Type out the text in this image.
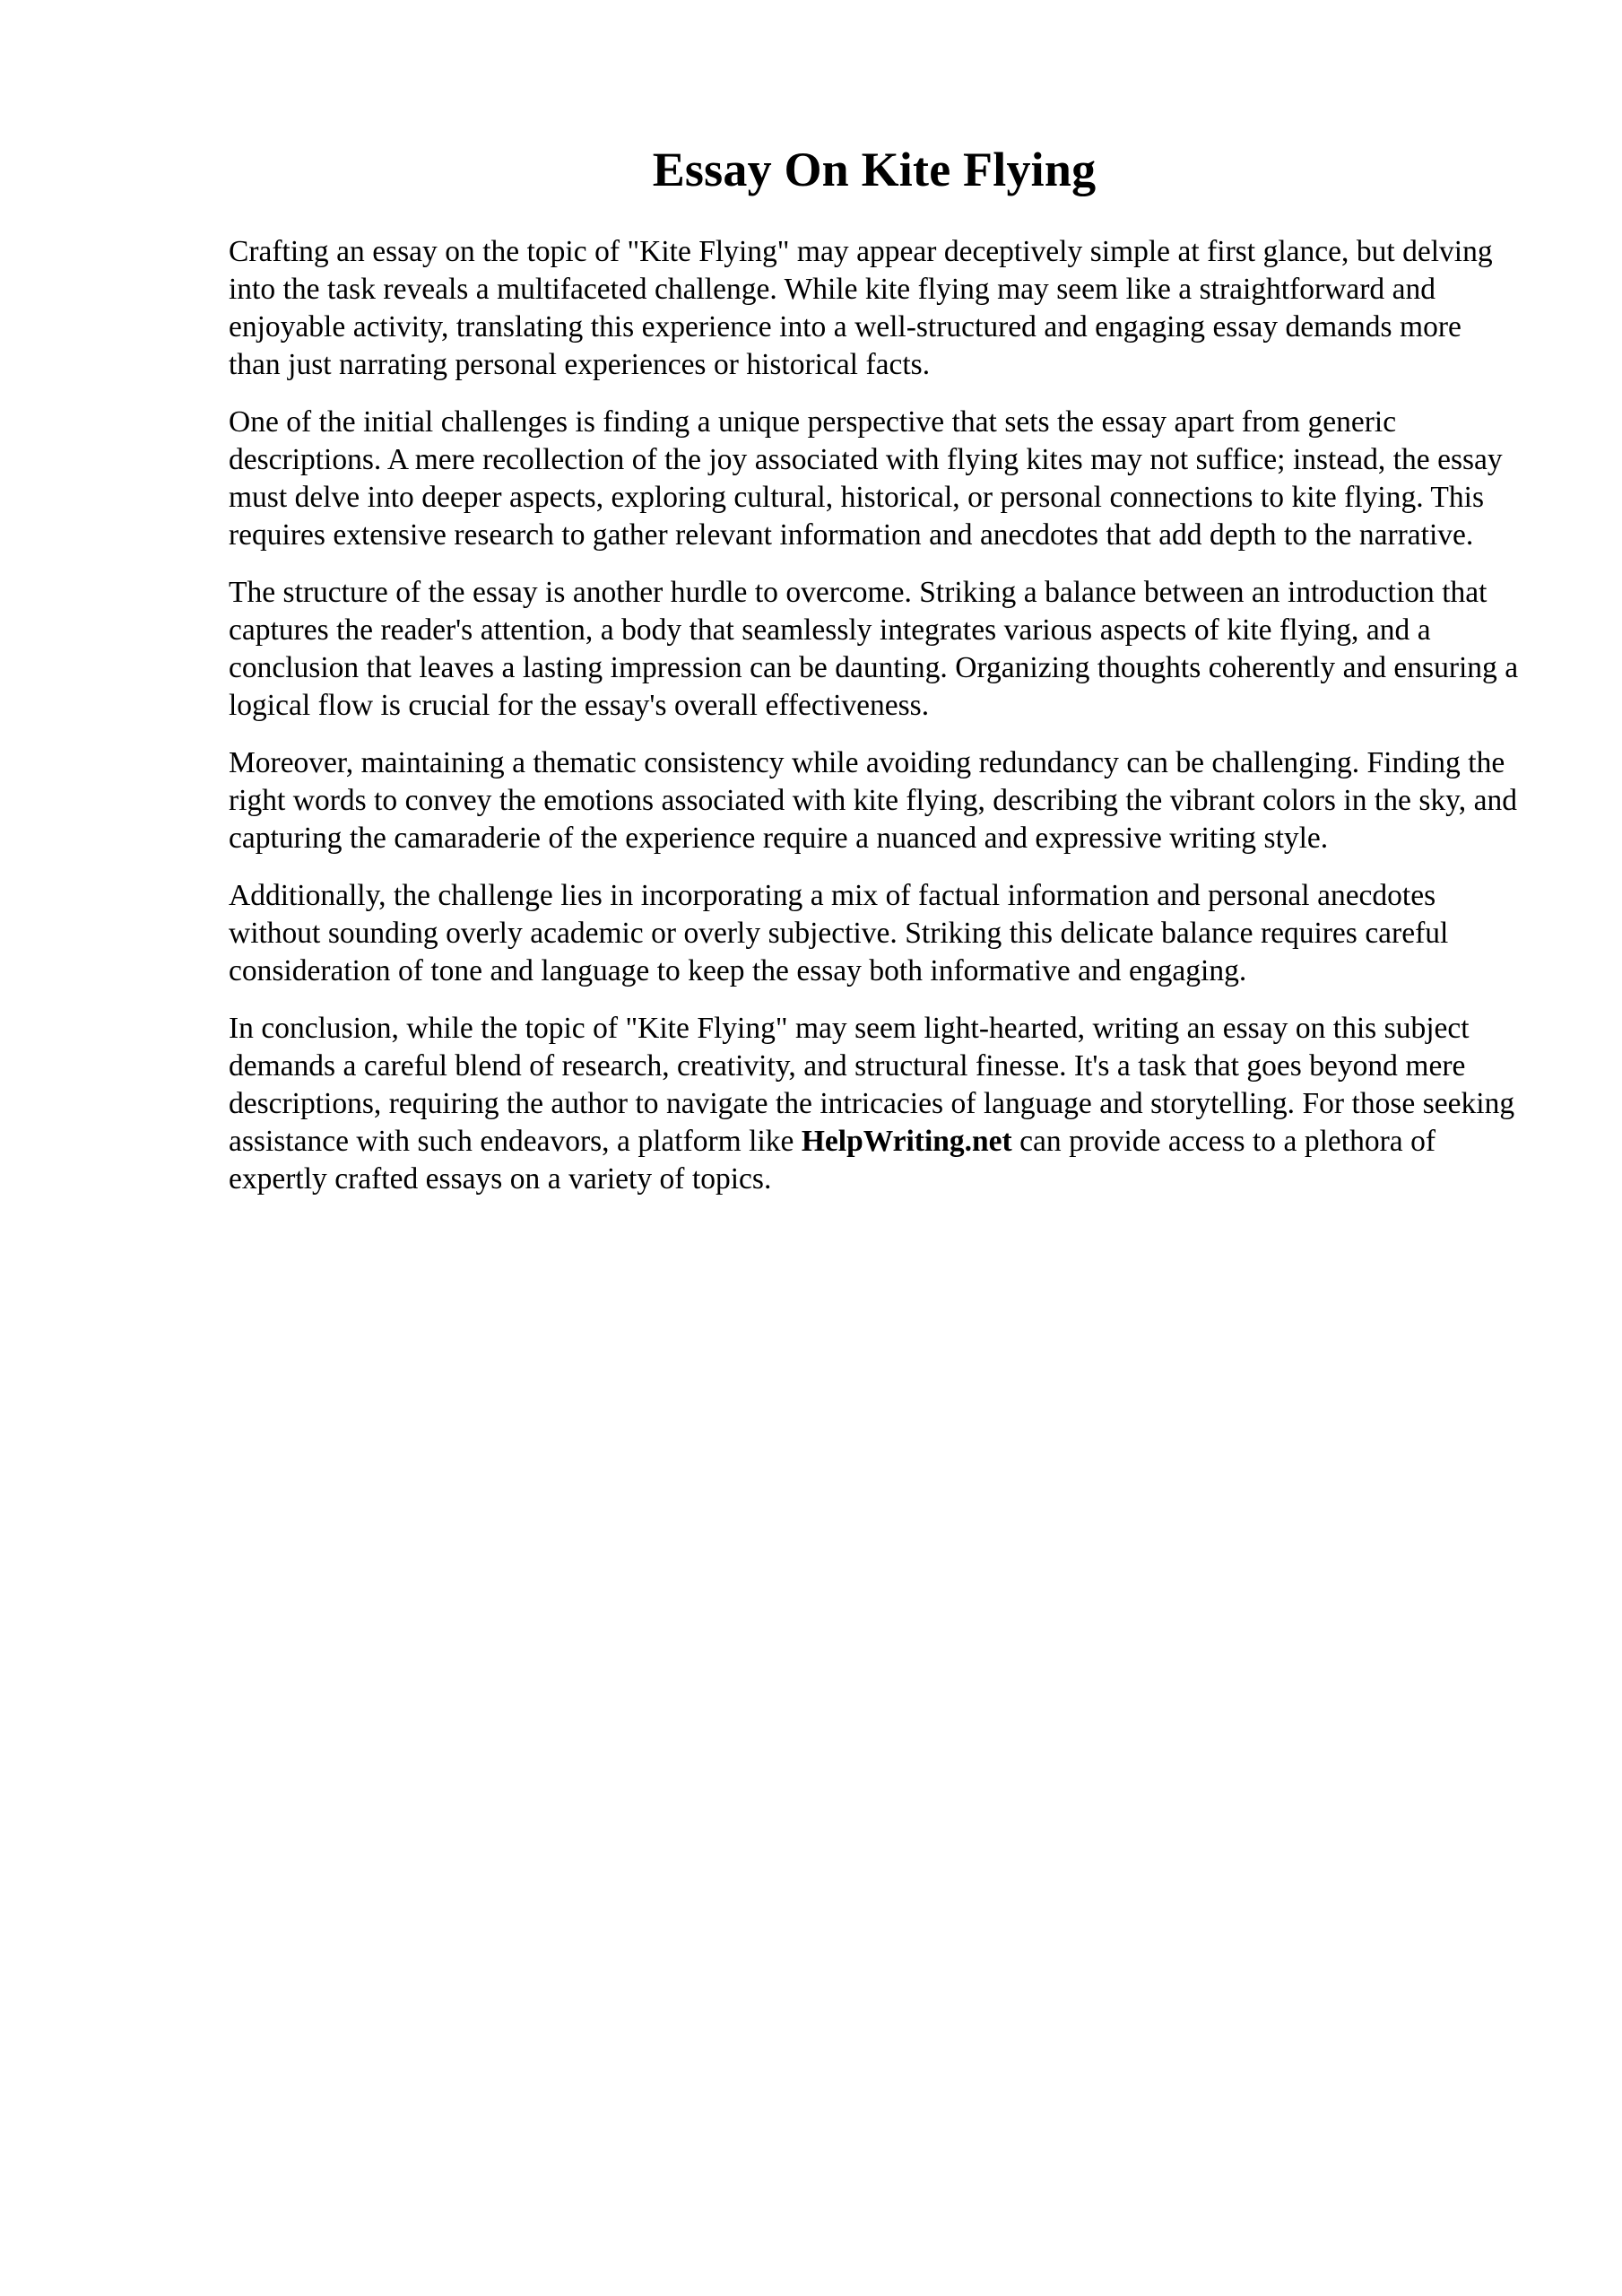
Essay On Kite Flying

Crafting an essay on the topic of "Kite Flying" may appear deceptively simple at first glance, but delving into the task reveals a multifaceted challenge. While kite flying may seem like a straightforward and enjoyable activity, translating this experience into a well-structured and engaging essay demands more than just narrating personal experiences or historical facts.

One of the initial challenges is finding a unique perspective that sets the essay apart from generic descriptions. A mere recollection of the joy associated with flying kites may not suffice; instead, the essay must delve into deeper aspects, exploring cultural, historical, or personal connections to kite flying. This requires extensive research to gather relevant information and anecdotes that add depth to the narrative.

The structure of the essay is another hurdle to overcome. Striking a balance between an introduction that captures the reader's attention, a body that seamlessly integrates various aspects of kite flying, and a conclusion that leaves a lasting impression can be daunting. Organizing thoughts coherently and ensuring a logical flow is crucial for the essay's overall effectiveness.

Moreover, maintaining a thematic consistency while avoiding redundancy can be challenging. Finding the right words to convey the emotions associated with kite flying, describing the vibrant colors in the sky, and capturing the camaraderie of the experience require a nuanced and expressive writing style.

Additionally, the challenge lies in incorporating a mix of factual information and personal anecdotes without sounding overly academic or overly subjective. Striking this delicate balance requires careful consideration of tone and language to keep the essay both informative and engaging.

In conclusion, while the topic of "Kite Flying" may seem light-hearted, writing an essay on this subject demands a careful blend of research, creativity, and structural finesse. It's a task that goes beyond mere descriptions, requiring the author to navigate the intricacies of language and storytelling. For those seeking assistance with such endeavors, a platform like HelpWriting.net can provide access to a plethora of expertly crafted essays on a variety of topics.
